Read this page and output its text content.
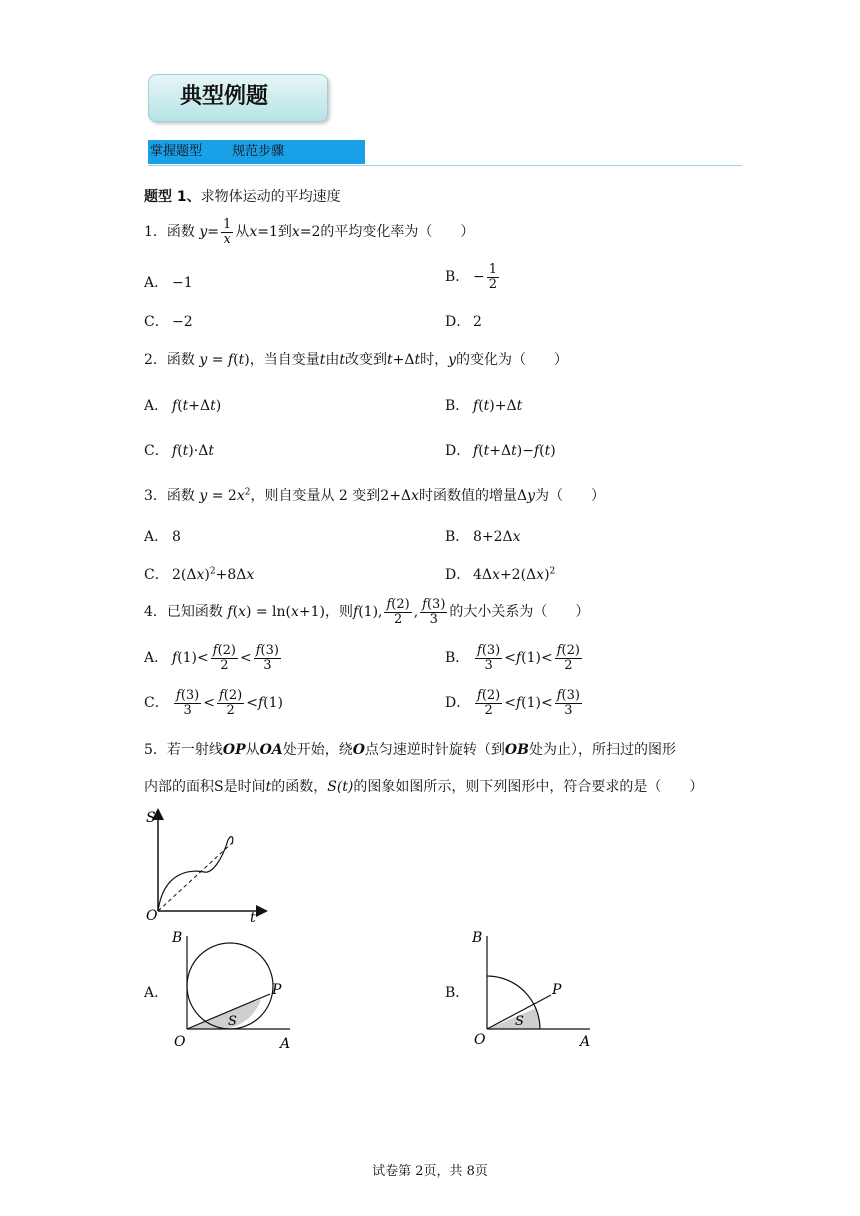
典型例题
掌握题型 规范步骤
题型 1、求物体运动的平均速度
1．函数 $y= \frac{1}{x}$ 从x=1到x=2的平均变化率为（　　）
A． −1	B． − $\frac{1}{2}$
C． −2	D． 2
2．函数 y = f(t)，当自变量t由t改变到t+Δt时，y的变化为（　　）
A． f(t+Δt)	B． f(t)+Δt
C． f(t)·Δt	D． f(t+Δt)−f(t)
3．函数 $y = 2x^2$，则自变量从 2 变到2+Δx时函数值的增量Δy为（　　）
A． 8	B． 8+2Δx
C． $2(\Delta x)^2+8\Delta x$	D． $4\Delta x+2(\Delta x)^2$
4．已知函数 f(x) = ln(x+1)，则f(1), $\frac{f(2)}{2}$ , $\frac{f(3)}{3}$ 的大小关系为（　　）
A． $f(1)< \frac{f(2)}{2} < \frac{f(3)}{3}$	B． $\frac{f(3)}{3} <f(1)< \frac{f(2)}{2}$
C． $\frac{f(3)}{3} < \frac{f(2)}{2} <f(1)$	D． $\frac{f(2)}{2} <f(1)< \frac{f(3)}{3}$
5．若一射线OP从OA处开始，绕O点匀速逆时针旋转（到OB处为止），所扫过的图形
内部的面积S是时间t的函数，S(t)的图象如图所示，则下列图形中，符合要求的是（　　）
S
O	t
A．	B．
B
P
S
O	A
B
P
S
O	A
试卷第 2页，共 8页
